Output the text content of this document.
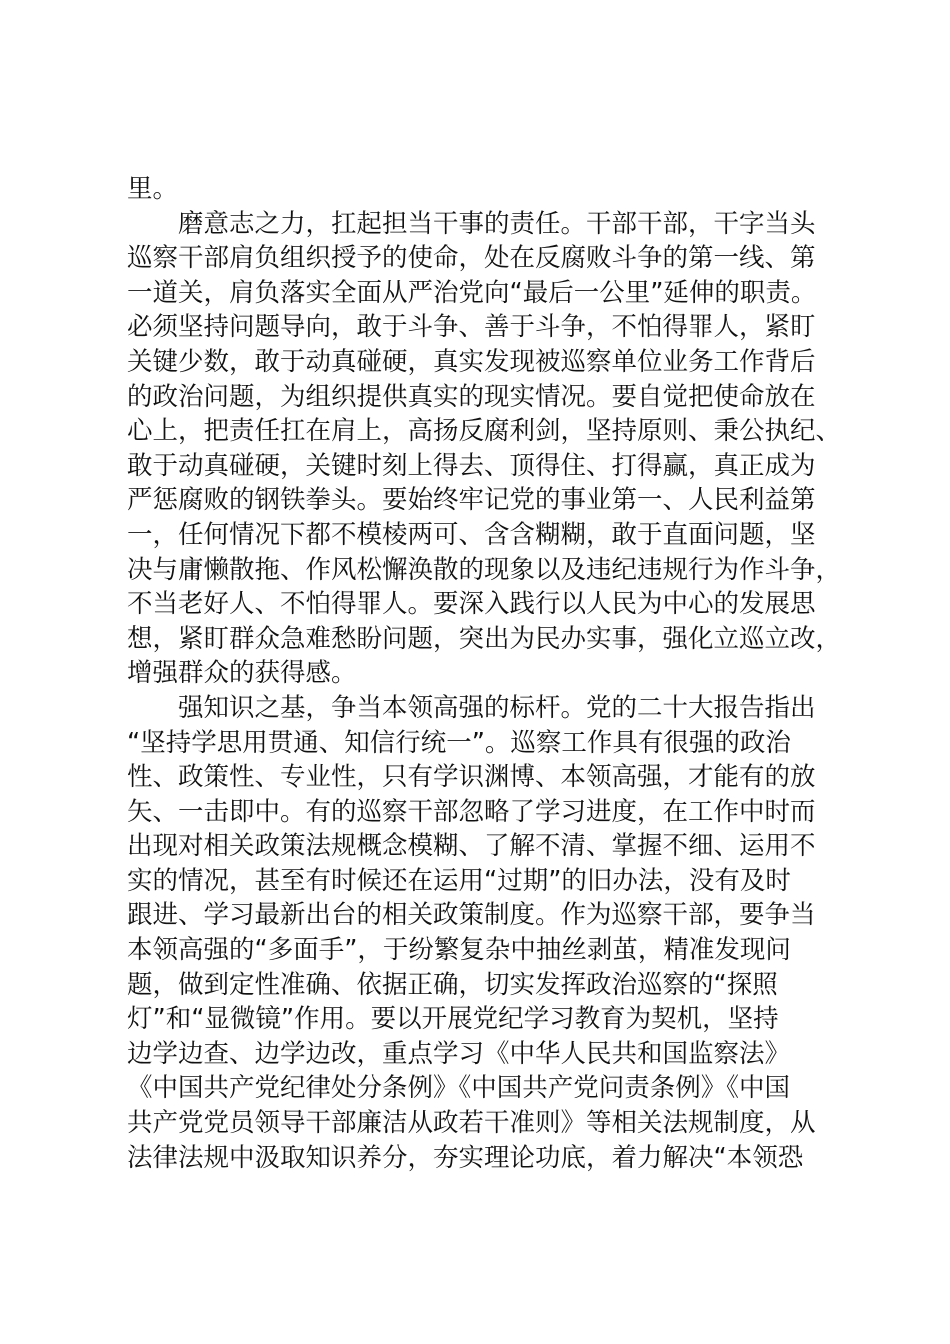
里。
磨意志之力，扛起担当干事的责任。干部干部，干字当头
巡察干部肩负组织授予的使命，处在反腐败斗争的第一线、第
一道关，肩负落实全面从严治党向“最后一公里”延伸的职责。
必须坚持问题导向，敢于斗争、善于斗争，不怕得罪人，紧盯
关键少数，敢于动真碰硬，真实发现被巡察单位业务工作背后
的政治问题，为组织提供真实的现实情况。要自觉把使命放在
心上，把责任扛在肩上，高扬反腐利剑，坚持原则、秉公执纪、
敢于动真碰硬，关键时刻上得去、顶得住、打得赢，真正成为
严惩腐败的钢铁拳头。要始终牢记党的事业第一、人民利益第
一，任何情况下都不模棱两可、含含糊糊，敢于直面问题，坚
决与庸懒散拖、作风松懈涣散的现象以及违纪违规行为作斗争，
不当老好人、不怕得罪人。要深入践行以人民为中心的发展思
想，紧盯群众急难愁盼问题，突出为民办实事，强化立巡立改，
增强群众的获得感。
强知识之基，争当本领高强的标杆。党的二十大报告指出
“坚持学思用贯通、知信行统一”。巡察工作具有很强的政治
性、政策性、专业性，只有学识渊博、本领高强，才能有的放
矢、一击即中。有的巡察干部忽略了学习进度，在工作中时而
出现对相关政策法规概念模糊、了解不清、掌握不细、运用不
实的情况，甚至有时候还在运用“过期”的旧办法，没有及时
跟进、学习最新出台的相关政策制度。作为巡察干部，要争当
本领高强的“多面手”，于纷繁复杂中抽丝剥茧，精准发现问
题，做到定性准确、依据正确，切实发挥政治巡察的“探照
灯”和“显微镜”作用。要以开展党纪学习教育为契机，坚持
边学边查、边学边改，重点学习《中华人民共和国监察法》
《中国共产党纪律处分条例》《中国共产党问责条例》《中国
共产党党员领导干部廉洁从政若干准则》等相关法规制度，从
法律法规中汲取知识养分，夯实理论功底，着力解决“本领恐
